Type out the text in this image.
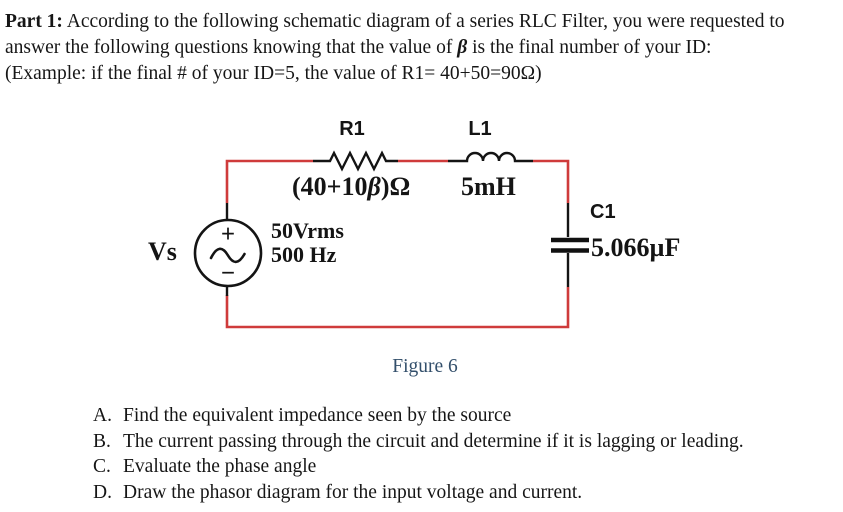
Part 1: According to the following schematic diagram of a series RLC Filter, you were requested to
answer the following questions knowing that the value of β is the final number of your ID:
(Example: if the final # of your ID=5, the value of R1= 40+50=90Ω)
+
−
R1	L1
C1
(40+10β)Ω 5mH
5.066µF
Vs
50Vrms
500 Hz
Figure 6
A. Find the equivalent impedance seen by the source
B. The current passing through the circuit and determine if it is lagging or leading.
C. Evaluate the phase angle
D. Draw the phasor diagram for the input voltage and current.
